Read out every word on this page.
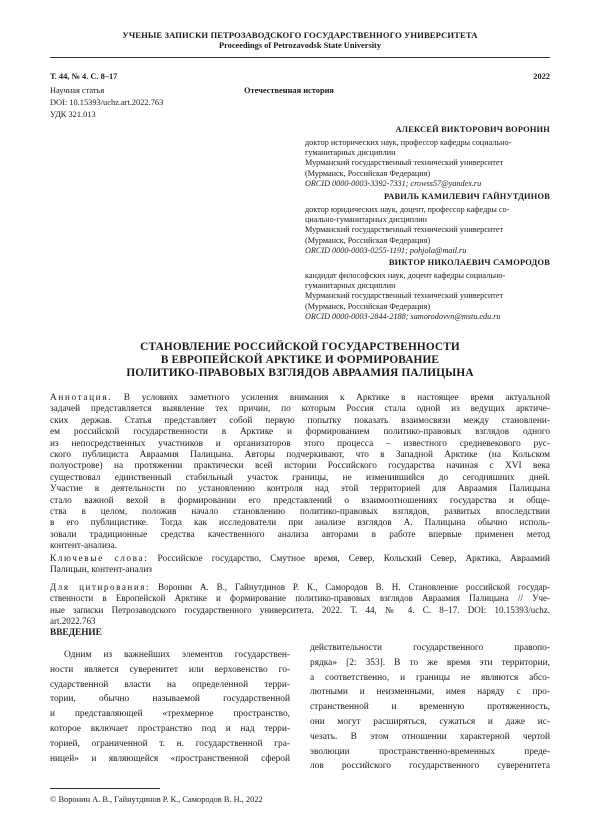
УЧЕНЫЕ ЗАПИСКИ ПЕТРОЗАВОДСКОГО ГОСУДАРСТВЕННОГО УНИВЕРСИТЕТА
Proceedings of Petrozavodsk State University
Т. 44, № 4. С. 8–17	2022
Научная статья	Отечественная история
DOI: 10.15393/uchz.art.2022.763
УДК 321.013
АЛЕКСЕЙ ВИКТОРОВИЧ ВОРОНИН
доктор исторических наук, профессор кафедры социально-
гуманитарных дисциплин
Мурманский государственный технический университет
(Мурманск, Российская Федерация)
ORCID 0000-0003-3392-7331; crowss57@yandex.ru
РАВИЛЬ КАМИЛЕВИЧ ГАЙНУТДИНОВ
доктор юридических наук, доцент, профессор кафедры со-
циально-гуманитарных дисциплин
Мурманский государственный технический университет
(Мурманск, Российская Федерация)
ORCID 0000-0003-0255-1191; pohjola@mail.ru
ВИКТОР НИКОЛАЕВИЧ САМОРОДОВ
кандидат философских наук, доцент кафедры социально-
гуманитарных дисциплин
Мурманский государственный технический университет
(Мурманск, Российская Федерация)
ORCID 0000-0003-2844-2188; samorodovvn@mstu.edu.ru
СТАНОВЛЕНИЕ РОССИЙСКОЙ ГОСУДАРСТВЕННОСТИ
В ЕВРОПЕЙСКОЙ АРКТИКЕ И ФОРМИРОВАНИЕ
ПОЛИТИКО-ПРАВОВЫХ ВЗГЛЯДОВ АВРААМИЯ ПАЛИЦЫНА
Аннотация. В условиях заметного усиления внимания к Арктике в настоящее время актуальной
задачей представляется выявление тех причин, по которым Россия стала одной из ведущих арктиче-
ских держав. Статья представляет собой первую попытку показать взаимосвязи между становлени-
ем российской государственности в Арктике и формированием политико-правовых взглядов одного
из непосредственных участников и организаторов этого процесса – известного средневекового рус-
ского публициста Авраамия Палицына. Авторы подчеркивают, что в Западной Арктике (на Кольском
полуострове) на протяжении практически всей истории Российского государства начиная с XVI века
существовал единственный стабильный участок границы, не изменившийся до сегодняшних дней.
Участие в деятельности по установлению контроля над этой территорией для Авраамия Палицына
стало важной вехой в формировании его представлений о взаимоотношениях государства и обще-
ства в целом, положив начало становлению политико-правовых взглядов, развитых впоследствии
в его публицистике. Тогда как исследователи при анализе взглядов А. Палицына обычно исполь-
зовали традиционные средства качественного анализа авторами в работе впервые применен метод
контент-анализа.
Ключевые слова: Российское государство, Смутное время, Север, Кольский Север, Арктика, Авраамий
Палицын, контент-анализ
Для цитирования: Воронин А. В., Гайнутдинов Р. К., Самородов В. Н. Становление российской государ-
ственности в Европейской Арктике и формирование политико-правовых взглядов Авраамия Палицына // Уче-
ные записки Петрозаводского государственного университета. 2022. Т. 44, № 4. С. 8–17. DOI: 10.15393/uchz.
art.2022.763
ВВЕДЕНИЕ
Одним из важнейших элементов государствен-
ности является суверенитет или верховенство го-
сударственной власти на определенной терри-
тории, обычно называемой государственной
и представляющей «трехмерное пространство,
которое включает пространство под и над терри-
торией, ограниченной т. н. государственной гра-
ницей» и являющейся «пространственной сферой
действительности государственного правопо-
рядка» [2: 353]. В то же время эти территории,
а соответственно, и границы не являются абсо-
лютными и неизменными, имея наряду с про-
странственной и временную протяженность,
они могут расширяться, сужаться и даже ис-
чезать. В этом отношении характерной чертой
эволюции пространственно-временных преде-
лов российского государственного суверенитета
© Воронин А. В., Гайнутдинов Р. К., Самородов В. Н., 2022
